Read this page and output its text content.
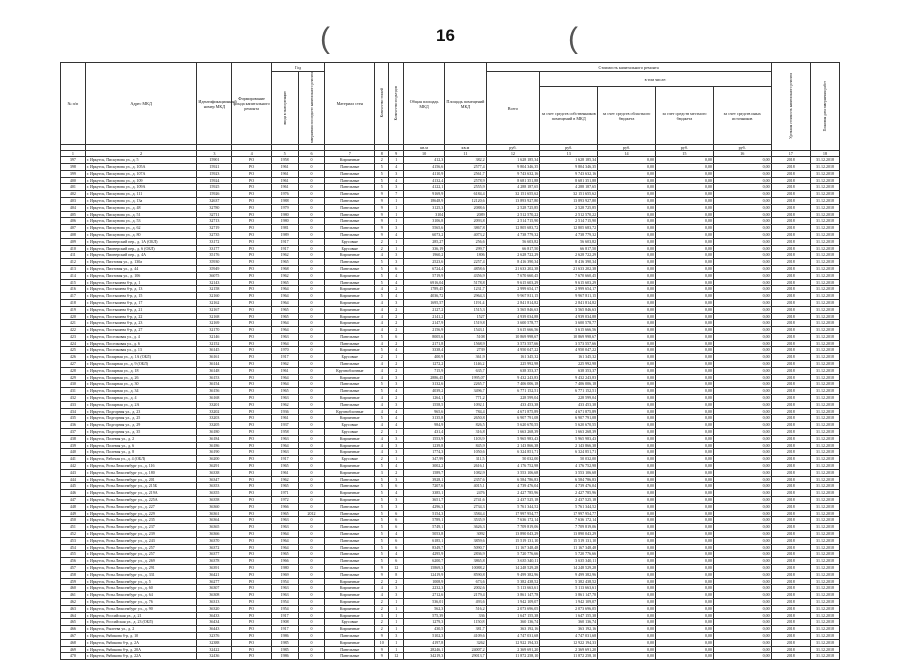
(	16	(
№ п/п	Адрес МКД	Идентификационный номер МКД	Формирование фонда капитального ремонта	Год		Материал стен	Количество этажей	Количество подъездов	Общая площадь МКД	Площадь помещений МКД	Стоимость капитального ремонта					Удельная стоимость капитального ремонта	Плановая дата завершения работ
				ввода в эксплуатацию	завершения последнего капитального ремонта						Всего	в том числе:					
												за счет средств собственников помещений в МКД	за счет средств областного бюджета	за счет средств местного бюджета	за счет средств иных источников		
									кв.м	кв.м	руб.	руб.	руб.	руб.	руб.		
1	2	3	4	5	6	7	8	9	10	11	12	13	14	15	16	17	18
397	г. Иркутск, Пискунова ул., д. 5	15901	РО	1958	0	Кирпичные	2	1	412,3	382,2	1 628 185,34	1 628 185,34	0,00	0,00	0,00	2018	31.12.2018
398	г. Иркутск, Пискунова ул., д. 105А	15921	РО	1961	0	Панельные	5	4	4156,6	2577,4	9 804 346,35	9 804 346,35	0,00	0,00	0,00	2018	31.12.2018
399	г. Иркутск, Пискунова ул., д. 107А	15923	РО	1961	0	Панельные	5	3	4110,9	2561,7	9 743 632,16	9 743 632,16	0,00	0,00	0,00	2018	31.12.2018
400	г. Иркутск, Пискунова ул., д. 109	15924	РО	1961	0	Панельные	5	4	4132,4	2578,9	8 681 351,88	8 681 351,88	0,00	0,00	0,00	2018	31.12.2018
401	г. Иркутск, Пискунова ул., д. 109А	15925	РО	1961	0	Панельные	5	3	4122,1	2555,9	4 288 187,65	4 288 187,65	0,00	0,00	0,00	2018	31.12.2018
402	г. Иркутск, Пискунова ул., д. 111	15926	РО	1976	0	Панельные	9	7	9169,9	6184,4	32 151 655,62	32 151 655,62	0,00	0,00	0,00	2018	31.12.2018
403	г. Иркутск, Пискунова ул., д. 13а	32637	РО	1988	0	Панельные	9	1	18648,9	12120,6	13 893 927,80	13 893 927,80	0,00	0,00	0,00	2018	31.12.2018
404	г. Иркутск, Пискунова ул., д. 48	32780	РО	1979	0	Панельные	9	1	3125,3	2088,6	2 528 725,85	2 528 725,85	0,00	0,00	0,00	2018	31.12.2018
405	г. Иркутск, Пискунова ул., д. 51	32711	РО	1980	0	Панельные	9	1	3104	2089	2 512 570,22	2 512 570,22	0,00	0,00	0,00	2018	31.12.2018
406	г. Иркутск, Пискунова ул., д. 53	32713	РО	1980	0	Панельные	9	1	3106,8	2093,8	2 514 715,90	2 514 715,90	0,00	0,00	0,00	2018	31.12.2018
407	г. Иркутск, Пискунова ул., д. 62	32719	РО	1981	0	Панельные	9	3	5565,6	3867,8	12 805 683,72	12 805 683,72	0,00	0,00	0,00	2018	31.12.2018
408	г. Иркутск, Пискунова ул., д. 80	32735	РО	1989	0	Панельные	9	4	6073,2	4073,2	4 738 779,32	4 738 779,32	0,00	0,00	0,00	2018	31.12.2018
409	г. Иркутск, Пионерский пер., д. 1А (ОБЛ)	33172	РО	1917	0	Брусовые	2	1	285,27	256,6	56 603,82	56 603,82	0,00	0,00	0,00	2018	31.12.2018
410	г. Иркутск, Пионерский пер., д. 6 (ОБЛ)	33177	РО	1917	0	Брусовые	2	1	336,19	299,7	66 817,50	66 817,50	0,00	0,00	0,00	2018	31.12.2018
411	г. Иркутск, Пионерский пер., д. 4А	35176	РО	1962	0	Кирпичные	4	3	1960,2	1806	2 628 722,29	2 628 722,29	0,00	0,00	0,00	2018	31.12.2018
412	г. Иркутск, Пихтовая ул., д. 130а	35930	РО	1965	0	Панельные	5	3	2523,6	2257,4	8 416 390,34	8 416 390,34	0,00	0,00	0,00	2018	31.12.2018
413	г. Иркутск, Пихтовая ул., д. 44	35949	РО	1968	0	Панельные	5	6	6724,4	4858,6	21 633 202,38	21 633 202,38	0,00	0,00	0,00	2018	31.12.2018
414	г. Иркутск, Пихтовая ул., д. 106	36075	РО	1962	0	Кирпичные	5	4	5719,9	4356,9	7 670 660,45	7 670 660,45	0,00	0,00	0,00	2018	31.12.2018
415	г. Иркутск, Постышева б-р, д. 1	32143	РО	1965	0	Панельные	5	4	6916,04	5178,8	9 615 603,29	9 615 603,29	0,00	0,00	0,00	2018	31.12.2018
416	г. Иркутск, Постышева б-р, д. 13	32158	РО	1964	0	Кирпичные	4	2	1789,45	1231,7	2 999 654,17	2 999 654,17	0,00	0,00	0,00	2018	31.12.2018
417	г. Иркутск, Постышева б-р, д. 15	32160	РО	1964	0	Кирпичные	5	4	4036,72	2964,3	9 967 811,15	9 967 811,15	0,00	0,00	0,00	2018	31.12.2018
418	г. Иркутск, Постышева б-р, д. 17	32162	РО	1964	0	Кирпичные	4	3	1695,57	1191,4	2 841 814,82	2 841 814,82	0,00	0,00	0,00	2018	31.12.2018
419	г. Иркутск, Постышева б-р, д. 21	32167	РО	1965	0	Кирпичные	4	2	2127,2	1515,3	3 565 846,63	3 565 846,63	0,00	0,00	0,00	2018	31.12.2018
420	г. Иркутск, Постышева б-р, д. 22	32168	РО	1965	0	Кирпичные	4	2	2141,2	1527	4 939 034,88	4 939 034,88	0,00	0,00	0,00	2018	31.12.2018
421	г. Иркутск, Постышева б-р, д. 23	32169	РО	1964	0	Кирпичные	4	2	2147,9	1519,8	3 600 578,77	3 600 578,77	0,00	0,00	0,00	2018	31.12.2018
422	г. Иркутск, Постышева б-р, д. 27	32170	РО	1964	0	Кирпичные	4	2	2156,9	1543,1	3 615 666,56	3 615 666,56	0,00	0,00	0,00	2018	31.12.2018
423	г. Иркутск, Поселковая ул., д. 4	32146	РО	1963	0	Панельные	5	6	8005,6	5108	10 869 998,67	10 869 998,67	0,00	0,00	0,00	2018	31.12.2018
424	г. Иркутск, Поселковая ул., д. 6	32152	РО	1964	0	Панельные	4	2	2171,8	1568,9	3 573 557,66	3 573 557,66	0,00	0,00	0,00	2018	31.12.2018
425	г. Иркутск, Поселковая ул., д. 13	36145	РО	1970	0	Кирпичные	5	4	3338,4	2739	4 950 047,22	4 950 047,22	0,00	0,00	0,00	2018	31.12.2018
426	г. Иркутск, Полярная ул., д. 1А (ОБЛ)	36161	РО	1917	0	Брусовые	2	1	400,9	361,9	161 345,32	161 345,32	0,00	0,00	0,00	2018	31.12.2018
427	г. Иркутск, Полярная ул., д. 9 (ОБЛ)	36144	РО	1962	0	Панельные	4	2	1272,2	1146,2	225 992,98	225 992,98	0,00	0,00	0,00	2018	31.12.2018
428	г. Иркутск, Полярная ул., д. 18	36148	РО	1961	0	Крупноблочные	4	2	715,9	635,7	638 353,37	638 353,37	0,00	0,00	0,00	2018	31.12.2018
429	г. Иркутск, Полярная ул., д. 26	36153	РО	1964	0	Кирпичные	4	3	2886,45	1995,07	9 432 243,83	9 432 243,83	0,00	0,00	0,00	2018	31.12.2018
430	г. Иркутск, Полярная ул., д. 30	36154	РО	1964	0	Панельные	5	3	3132,6	2265,7	7 406 006,18	7 406 006,18	0,00	0,00	0,00	2018	31.12.2018
431	г. Иркутск, Полярная ул., д. 34	36156	РО	1965	0	Панельные	5	4	4039,2	3496,7	6 771 152,51	6 771 152,51	0,00	0,00	0,00	2018	31.12.2018
432	г. Иркутск, Полярная ул., д. 4	36168	РО	1963	0	Кирпичные	4	2	1264,1	771,2	228 599,04	228 599,04	0,00	0,00	0,00	2018	31.12.2018
433	г. Иркутск, Полярная ул., д. 2А	33201	РО	1962	0	Панельные	4	3	1558,5	1092,1	433 453,38	433 453,38	0,00	0,00	0,00	2018	31.12.2018
434	г. Иркутск, Подгорная ул., д. 23	33202	РО	1936	0	Крупноблочные	4	4	965,6	784,4	4 671 875,89	4 671 875,89	0,00	0,00	0,00	2018	31.12.2018
435	г. Иркутск, Подгорная ул., д. 25	33203	РО	1961	0	Кирпичные	5	4	3135,8	2650,8	6 907 791,08	6 907 791,08	0,00	0,00	0,00	2018	31.12.2018
436	г. Иркутск, Подгорная ул., д. 29	33205	РО	1937	0	Брусовые	4	4	984,9	826,5	5 620 670,55	5 620 670,55	0,00	0,00	0,00	2018	31.12.2018
437	г. Иркутск, Подгорная ул., д. 35	36180	РО	1958	0	Брусовые	2	1	431,4	316,8	1 663 268,39	1 663 268,39	0,00	0,00	0,00	2018	31.12.2018
438	г. Иркутск, Полевая ул., д. 2	36184	РО	1963	0	Кирпичные	4	3	1553,9	1103,9	5 965 983,43	5 965 983,43	0,00	0,00	0,00	2018	31.12.2018
439	г. Иркутск, Полевая ул., д. 6	36186	РО	1964	0	Кирпичные	4	3	1239,8	845,9	2 143 866,38	2 143 866,38	0,00	0,00	0,00	2018	31.12.2018
440	г. Иркутск, Полевая ул., д. 8	36190	РО	1963	0	Кирпичные	4	3	1774,3	1050,6	6 324 851,71	6 324 851,71	0,00	0,00	0,00	2018	31.12.2018
441	г. Иркутск, Рабочая ул., д. 4 (ОБЛ)	36200	РО	1917	0	Брусовые	2	1	347,99	311,5	50 032,00	50 032,00	0,00	0,00	0,00	2018	31.12.2018
442	г. Иркутск, Розы Люксембург ул., д. 116	36291	РО	1965	0	Кирпичные	5	4	3002,2	2616,1	4 176 752,98	4 176 752,98	0,00	0,00	0,00	2018	31.12.2018
443	г. Иркутск, Розы Люксембург ул., д. 180	36338	РО	1961	0	Кирпичные	3	2	1589,7	1082,9	3 553 106,68	3 553 106,68	0,00	0,00	0,00	2018	31.12.2018
444	г. Иркутск, Розы Люксембург ул., д. 201	36347	РО	1962	0	Панельные	5	3	3928,1	2357,6	6 584 786,83	6 584 786,83	0,00	0,00	0,00	2018	31.12.2018
445	г. Иркутск, Розы Люксембург ул., д. 215Б	36353	РО	1965	0	Панельные	5	6	7207,6	4015,1	4 739 476,04	4 739 476,04	0,00	0,00	0,00	2018	31.12.2018
446	г. Иркутск, Розы Люксембург ул., д. 219А	36355	РО	1971	0	Кирпичные	5	4	3385,1	2476	2 427 785,96	2 427 785,96	0,00	0,00	0,00	2018	31.12.2018
447	г. Иркутск, Розы Люксембург ул., д. 225А	36358	РО	1972	0	Кирпичные	5	3	3651,7	2741,6	2 437 525,18	2 437 525,18	0,00	0,00	0,00	2018	31.12.2018
448	г. Иркутск, Розы Люксембург ул., д. 227	36360	РО	1966	0	Панельные	5	3	4296,3	2734,3	5 761 344,52	5 761 344,52	0,00	0,00	0,00	2018	31.12.2018
449	г. Иркутск, Розы Люксембург ул., д. 229	36361	РО	1965	2012	Панельные	5	6	5154,3	3584,4	17 997 954,77	17 997 954,77	0,00	0,00	0,00	2018	31.12.2018
450	г. Иркутск, Розы Люксембург ул., д. 235	36364	РО	1963	0	Панельные	5	6	5789,1	3535,9	7 636 172,14	7 636 172,14	0,00	0,00	0,00	2018	31.12.2018
451	г. Иркутск, Розы Люксембург ул., д. 237	36365	РО	1963	0	Панельные	5	6	5749,1	3626,3	7 709 819,06	7 709 819,06	0,00	0,00	0,00	2018	31.12.2018
452	г. Иркутск, Розы Люксембург ул., д. 239	36366	РО	1964	0	Панельные	5	4	5053,8	3092	13 890 043,29	13 890 043,29	0,00	0,00	0,00	2018	31.12.2018
453	г. Иркутск, Розы Люксембург ул., д. 243	36370	РО	1964	0	Панельные	5	6	6185,1	3859,6	15 519 131,10	15 519 131,10	0,00	0,00	0,00	2018	31.12.2018
454	г. Иркутск, Розы Люксембург ул., д. 257	36372	РО	1964	0	Панельные	5	6	8349,7	5090,7	11 167 348,48	11 167 348,48	0,00	0,00	0,00	2018	31.12.2018
455	г. Иркутск, Розы Люксембург ул., д. 257	36377	РО	1965	0	Панельные	5	4	4295,9	2836,9	5 720 776,66	5 720 776,66	0,00	0,00	0,00	2018	31.12.2018
456	г. Иркутск, Розы Люксембург ул., д. 269	36378	РО	1966	0	Панельные	5	6	6200,7	3865,8	3 635 340,11	3 635 340,11	0,00	0,00	0,00	2018	31.12.2018
457	г. Иркутск, Розы Люксембург ул., д. 291	36391	РО	1980	0	Панельные	9	12	15869,3	10088,2	14 248 529,28	14 248 529,28	0,00	0,00	0,00	2018	31.12.2018
458	г. Иркутск, Розы Люксембург ул., д. 331	36421	РО	1969	0	Панельные	9	8	12419,9	8590,8	9 499 382,96	9 499 382,96	0,00	0,00	0,00	2018	31.12.2018
459	г. Иркутск, Розы Люксембург ул., д. 5	36277	РО	1954	0	Кирпичные	2	2	1008,9	673,6	5 382 438,52	5 382 438,52	0,00	0,00	0,00	2018	31.12.2018
460	г. Иркутск, Розы Люксембург ул., д. 60	36307	РО	1963	0	Кирпичные	4	3	2232,3	2002,6	5 113 663,61	5 113 663,61	0,00	0,00	0,00	2018	31.12.2018
461	г. Иркутск, Розы Люксембург ул., д. 64	36308	РО	1963	0	Кирпичные	4	3	2712,6	2179,4	3 861 147,78	3 861 147,78	0,00	0,00	0,00	2018	31.12.2018
462	г. Иркутск, Розы Люксембург ул., д. 76	36313	РО	1954	0	Кирпичные	2	1	536,01	493,6	1 942 109,07	1 942 109,07	0,00	0,00	0,00	2018	31.12.2018
463	г. Иркутск, Розы Люксембург ул., д. 90	36320	РО	1954	0	Кирпичные	2	1	562,3	516,2	2 073 696,05	2 073 696,05	0,00	0,00	0,00	2018	31.12.2018
464	г. Иркутск, Российская ул., д. 21	36433	РО	1917	0	Кирпичные	3	1	575,39	336	1 647 155,38	1 647 155,38	0,00	0,00	0,00	2018	31.12.2018
465	г. Иркутск, Российская ул., д. 23 (ОБЛ)	36434	РО	1908	0	Брусовые	2	1	1279,3	1150,8	360 136,74	360 136,74	0,00	0,00	0,00	2018	31.12.2018
466	г. Иркутск, Рылеева ул., д. 2	36443	РО	1917	0	Кирпичные	2	1	430,5	381,7	363 192,16	363 192,16	0,00	0,00	0,00	2018	31.12.2018
467	г. Иркутск, Рябикова б-р, д. 10	32376	РО	1986	0	Панельные	9	3	5102,3	4109,6	4 747 031,68	4 747 031,68	0,00	0,00	0,00	2018	31.12.2018
468	г. Иркутск, Рябикова б-р, д. 2А	32388	РО	1985	0	Кирпичные	10	1	4197,8	3262	12 922 194,33	12 922 194,33	0,00	0,00	0,00	2018	31.12.2018
469	г. Иркутск, Рябикова б-р, д. 20А	32422	РО	1985	0	Панельные	9	1	28246,1	24007,2	2 369 691,20	2 369 691,20	0,00	0,00	0,00	2018	31.12.2018
470	г. Иркутск, Рябикова б-р, д. 22А	32436	РО	1986	0	Панельные	9	12	34219,3	29013,7	11 872 258,10	11 872 258,10	0,00	0,00	0,00	2018	31.12.2018
